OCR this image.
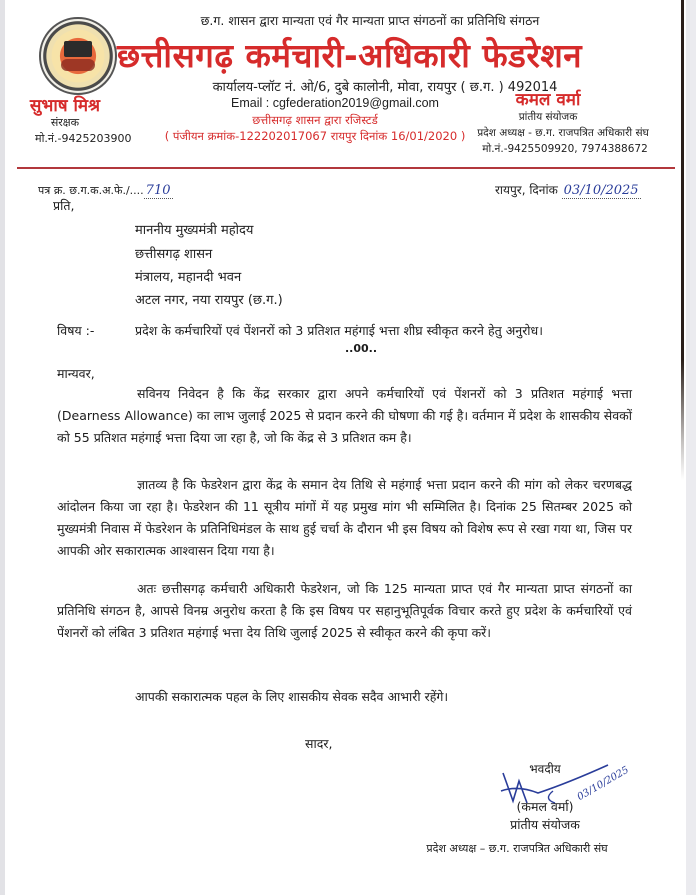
छ.ग. शासन द्वारा मान्यता एवं गैर मान्यता प्राप्त संगठनों का प्रतिनिधि संगठन
छत्तीसगढ़ कर्मचारी-अधिकारी फेडरेशन
कार्यालय-प्लॉट नं. ओ/6, दुबे कालोनी, मोवा, रायपुर ( छ.ग. ) 492014
Email : cgfederation2019@gmail.com
छत्तीसगढ़ शासन द्वारा रजिस्टर्ड
( पंजीयन क्रमांक-122202017067 रायपुर दिनांक 16/01/2020 )
सुभाष मिश्र
संरक्षक
मो.नं.-9425203900
कमल वर्मा
प्रांतीय संयोजक
प्रदेश अध्यक्ष - छ.ग. राजपत्रित अधिकारी संघ
मो.नं.-9425509920, 7974388672
पत्र क्र. छ.ग.क.अ.फे./.... 710	रायपुर, दिनांक 03/10/2025
प्रति,
माननीय मुख्यमंत्री महोदय
छत्तीसगढ़ शासन
मंत्रालय, महानदी भवन
अटल नगर, नया रायपुर (छ.ग.)
विषय :-	प्रदेश के कर्मचारियों एवं पेंशनरों को 3 प्रतिशत महंगाई भत्ता शीघ्र स्वीकृत करने हेतु अनुरोध।
..00..
मान्यवर,
सविनय निवेदन है कि केंद्र सरकार द्वारा अपने कर्मचारियों एवं पेंशनरों को 3 प्रतिशत महंगाई भत्ता (Dearness Allowance) का लाभ जुलाई 2025 से प्रदान करने की घोषणा की गई है। वर्तमान में प्रदेश के शासकीय सेवकों को 55 प्रतिशत महंगाई भत्ता दिया जा रहा है, जो कि केंद्र से 3 प्रतिशत कम है।
ज्ञातव्य है कि फेडरेशन द्वारा केंद्र के समान देय तिथि से महंगाई भत्ता प्रदान करने की मांग को लेकर चरणबद्ध आंदोलन किया जा रहा है। फेडरेशन की 11 सूत्रीय मांगों में यह प्रमुख मांग भी सम्मिलित है। दिनांक 25 सितम्बर 2025 को मुख्यमंत्री निवास में फेडरेशन के प्रतिनिधिमंडल के साथ हुई चर्चा के दौरान भी इस विषय को विशेष रूप से रखा गया था, जिस पर आपकी ओर सकारात्मक आश्वासन दिया गया है।
अतः छत्तीसगढ़ कर्मचारी अधिकारी फेडरेशन, जो कि 125 मान्यता प्राप्त एवं गैर मान्यता प्राप्त संगठनों का प्रतिनिधि संगठन है, आपसे विनम्र अनुरोध करता है कि इस विषय पर सहानुभूतिपूर्वक विचार करते हुए प्रदेश के कर्मचारियों एवं पेंशनरों को लंबित 3 प्रतिशत महंगाई भत्ता देय तिथि जुलाई 2025 से स्वीकृत करने की कृपा करें।
आपकी सकारात्मक पहल के लिए शासकीय सेवक सदैव आभारी रहेंगे।
सादर,
भवदीय	03/10/2025
(कमल वर्मा)
प्रांतीय संयोजक
प्रदेश अध्यक्ष – छ.ग. राजपत्रित अधिकारी संघ
